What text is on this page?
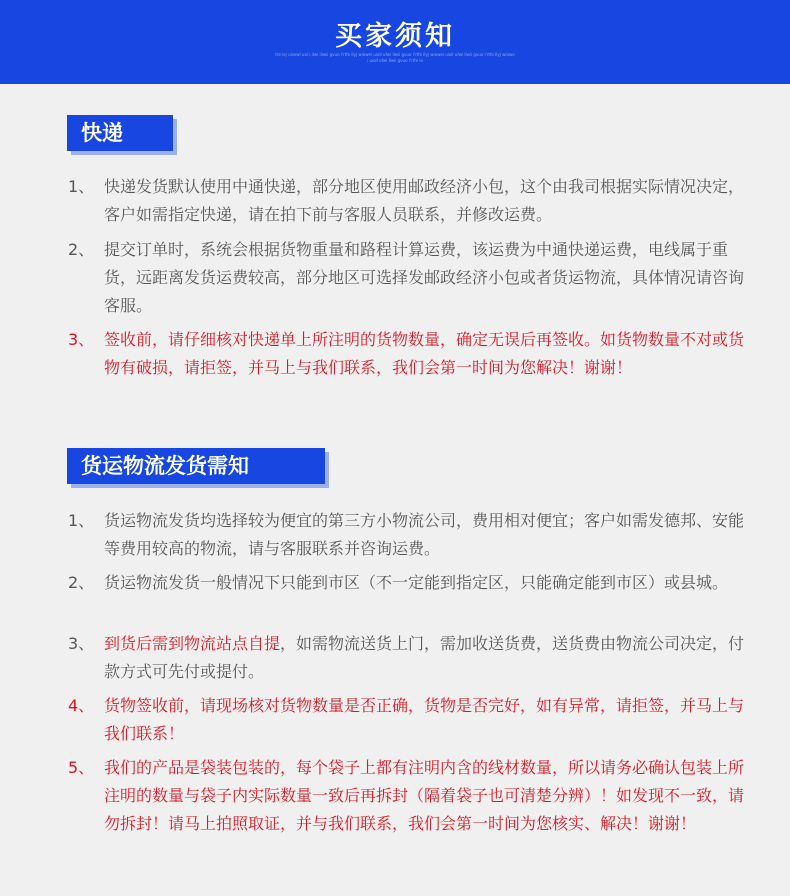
买家须知
tre lej uisewl uol i,ilwi iliwii gvuo l'rtfe Ilyj wiowei uioll ufwi Ilwii gvuo l'rtfe Ilyj wiowei uioll ufwi Ilwii gvuo l'rtfe Ilyj wiowei uioll ufwi Ilwii gvuo l'rtfe lo
快递
1、 快递发货默认使用中通快递，部分地区使用邮政经济小包，这个由我司根据实际情况决定，客户如需指定快递，请在拍下前与客服人员联系，并修改运费。
2、 提交订单时，系统会根据货物重量和路程计算运费，该运费为中通快递运费，电线属于重货，远距离发货运费较高，部分地区可选择发邮政经济小包或者货运物流，具体情况请咨询客服。
3、 签收前，请仔细核对快递单上所注明的货物数量，确定无误后再签收。如货物数量不对或货物有破损，请拒签，并马上与我们联系，我们会第一时间为您解决！谢谢！
货运物流发货需知
1、 货运物流发货均选择较为便宜的第三方小物流公司，费用相对便宜；客户如需发德邦、安能等费用较高的物流，请与客服联系并咨询运费。
2、 货运物流发货一般情况下只能到市区（不一定能到指定区，只能确定能到市区）或县城。
3、 到货后需到物流站点自提，如需物流送货上门，需加收送货费，送货费由物流公司决定，付款方式可先付或提付。
4、 货物签收前，请现场核对货物数量是否正确，货物是否完好，如有异常，请拒签，并马上与我们联系！
5、 我们的产品是袋装包装的，每个袋子上都有注明内含的线材数量，所以请务必确认包装上所注明的数量与袋子内实际数量一致后再拆封（隔着袋子也可清楚分辨）！如发现不一致，请勿拆封！请马上拍照取证，并与我们联系，我们会第一时间为您核实、解决！谢谢！
